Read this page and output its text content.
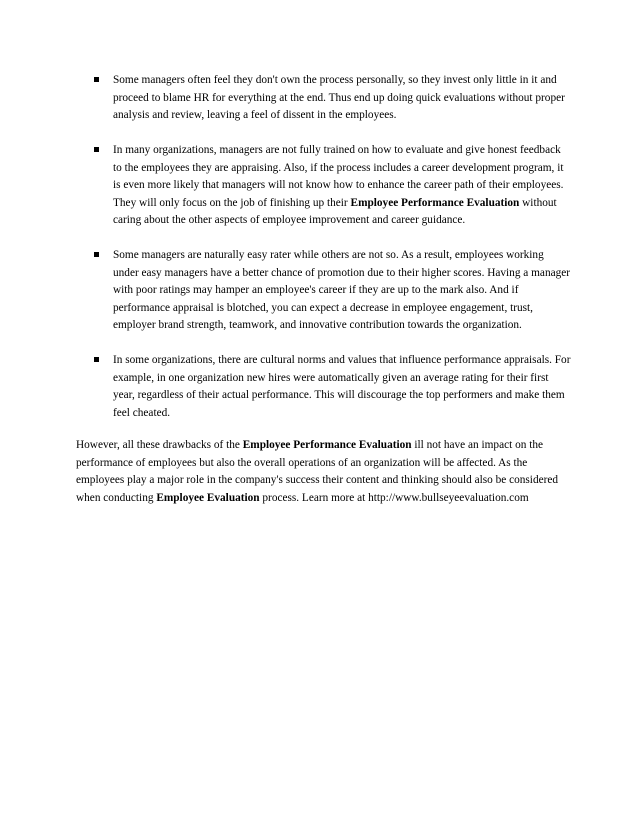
Some managers often feel they don't own the process personally, so they invest only little in it and proceed to blame HR for everything at the end. Thus end up doing quick evaluations without proper analysis and review, leaving a feel of dissent in the employees.
In many organizations, managers are not fully trained on how to evaluate and give honest feedback to the employees they are appraising. Also, if the process includes a career development program, it is even more likely that managers will not know how to enhance the career path of their employees. They will only focus on the job of finishing up their Employee Performance Evaluation without caring about the other aspects of employee improvement and career guidance.
Some managers are naturally easy rater while others are not so. As a result, employees working under easy managers have a better chance of promotion due to their higher scores. Having a manager with poor ratings may hamper an employee's career if they are up to the mark also. And if performance appraisal is blotched, you can expect a decrease in employee engagement, trust, employer brand strength, teamwork, and innovative contribution towards the organization.
In some organizations, there are cultural norms and values that influence performance appraisals. For example, in one organization new hires were automatically given an average rating for their first year, regardless of their actual performance. This will discourage the top performers and make them feel cheated.

However, all these drawbacks of the Employee Performance Evaluation ill not have an impact on the performance of employees but also the overall operations of an organization will be affected. As the employees play a major role in the company's success their content and thinking should also be considered when conducting Employee Evaluation process. Learn more at http://www.bullseyeevaluation.com
